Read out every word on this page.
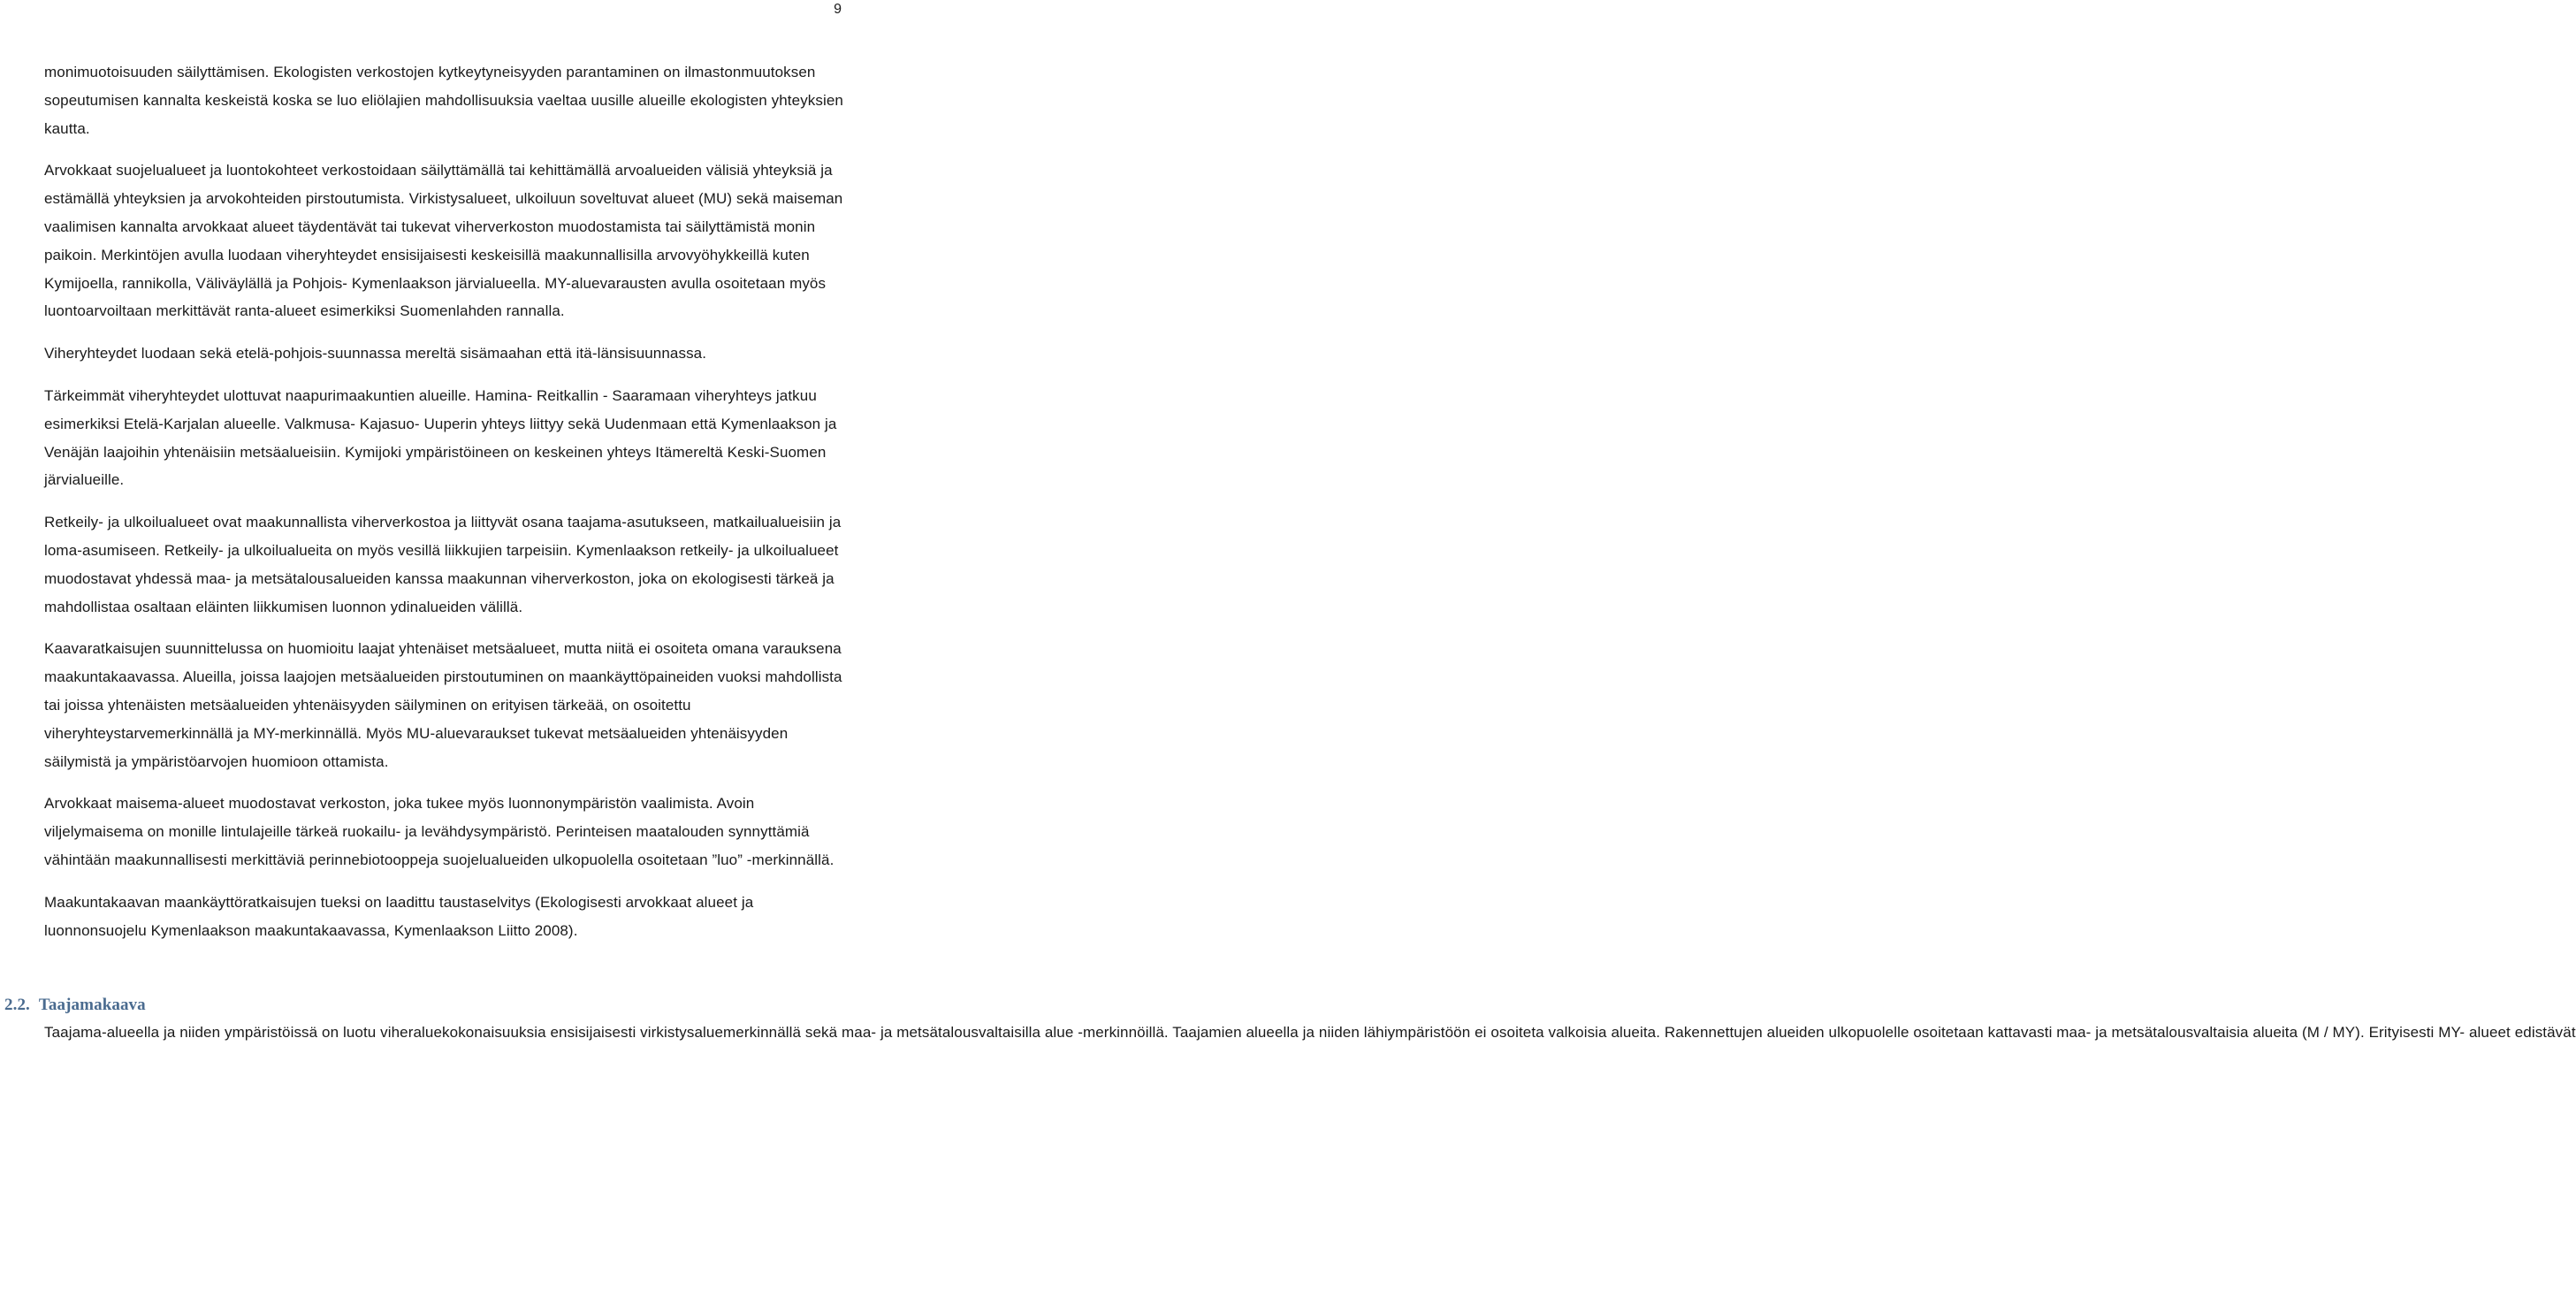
9

monimuotoisuuden säilyttämisen. Ekologisten verkostojen kytkeytyneisyyden parantaminen on ilmastonmuutoksen sopeutumisen kannalta keskeistä koska se luo eliölajien mahdollisuuksia vaeltaa uusille alueille ekologisten yhteyksien kautta.

Arvokkaat suojelualueet ja luontokohteet verkostoidaan säilyttämällä tai kehittämällä arvoalueiden välisiä yhteyksiä ja estämällä yhteyksien ja arvokohteiden pirstoutumista. Virkistysalueet, ulkoiluun soveltuvat alueet (MU) sekä maiseman vaalimisen kannalta arvokkaat alueet täydentävät tai tukevat viherverkoston muodostamista tai säilyttämistä monin paikoin. Merkintöjen avulla luodaan viheryhteydet ensisijaisesti keskeisillä maakunnallisilla arvovyöhykkeillä kuten Kymijoella, rannikolla, Väliväylällä ja Pohjois- Kymenlaakson järvialueella. MY-aluevarausten avulla osoitetaan myös luontoarvoiltaan merkittävät ranta-alueet esimerkiksi Suomenlahden rannalla.

Viheryhteydet luodaan sekä etelä-pohjois-suunnassa mereltä sisämaahan että itä-länsisuunnassa.

Tärkeimmät viheryhteydet ulottuvat naapurimaakuntien alueille. Hamina- Reitkallin - Saaramaan viheryhteys jatkuu esimerkiksi Etelä-Karjalan alueelle. Valkmusa- Kajasuo- Uuperin yhteys liittyy sekä Uudenmaan että Kymenlaakson ja Venäjän laajoihin yhtenäisiin metsäalueisiin. Kymijoki ympäristöineen on keskeinen yhteys Itämereltä Keski-Suomen järvialueille.

Retkeily- ja ulkoilualueet ovat maakunnallista viherverkostoa ja liittyvät osana taajama-asutukseen, matkailualueisiin ja loma-asumiseen. Retkeily- ja ulkoilualueita on myös vesillä liikkujien tarpeisiin. Kymenlaakson retkeily- ja ulkoilualueet muodostavat yhdessä maa- ja metsätalousalueiden kanssa maakunnan viherverkoston, joka on ekologisesti tärkeä ja mahdollistaa osaltaan eläinten liikkumisen luonnon ydinalueiden välillä.

Kaavaratkaisujen suunnittelussa on huomioitu laajat yhtenäiset metsäalueet, mutta niitä ei osoiteta omana varauksena maakuntakaavassa. Alueilla, joissa laajojen metsäalueiden pirstoutuminen on maankäyttöpaineiden vuoksi mahdollista tai joissa yhtenäisten metsäalueiden yhtenäisyyden säilyminen on erityisen tärkeää, on osoitettu viheryhteystarvemerkinnällä ja MY-merkinnällä. Myös MU-aluevaraukset tukevat metsäalueiden yhtenäisyyden säilymistä ja ympäristöarvojen huomioon ottamista.

Arvokkaat maisema-alueet muodostavat verkoston, joka tukee myös luonnonympäristön vaalimista. Avoin viljelymaisema on monille lintulajeille tärkeä ruokailu- ja levähdysympäristö. Perinteisen maatalouden synnyttämiä vähintään maakunnallisesti merkittäviä perinnebiotooppeja suojelualueiden ulkopuolella osoitetaan ”luo” -merkinnällä.

Maakuntakaavan maankäyttöratkaisujen tueksi on laadittu taustaselvitys (Ekologisesti arvokkaat alueet ja luonnonsuojelu Kymenlaakson maakuntakaavassa, Kymenlaakson Liitto 2008).

2.2. Taajamakaava

Taajama-alueella ja niiden ympäristöissä on luotu viheraluekokonaisuuksia ensisijaisesti virkistysaluemerkinnällä sekä maa- ja metsätalousvaltaisilla alue -merkinnöillä. Taajamien alueella ja niiden lähiympäristöön ei osoiteta valkoisia alueita. Rakennettujen alueiden ulkopuolelle osoitetaan kattavasti maa- ja metsätalousvaltaisia alueita (M / MY). Erityisesti MY- alueet edistävät
